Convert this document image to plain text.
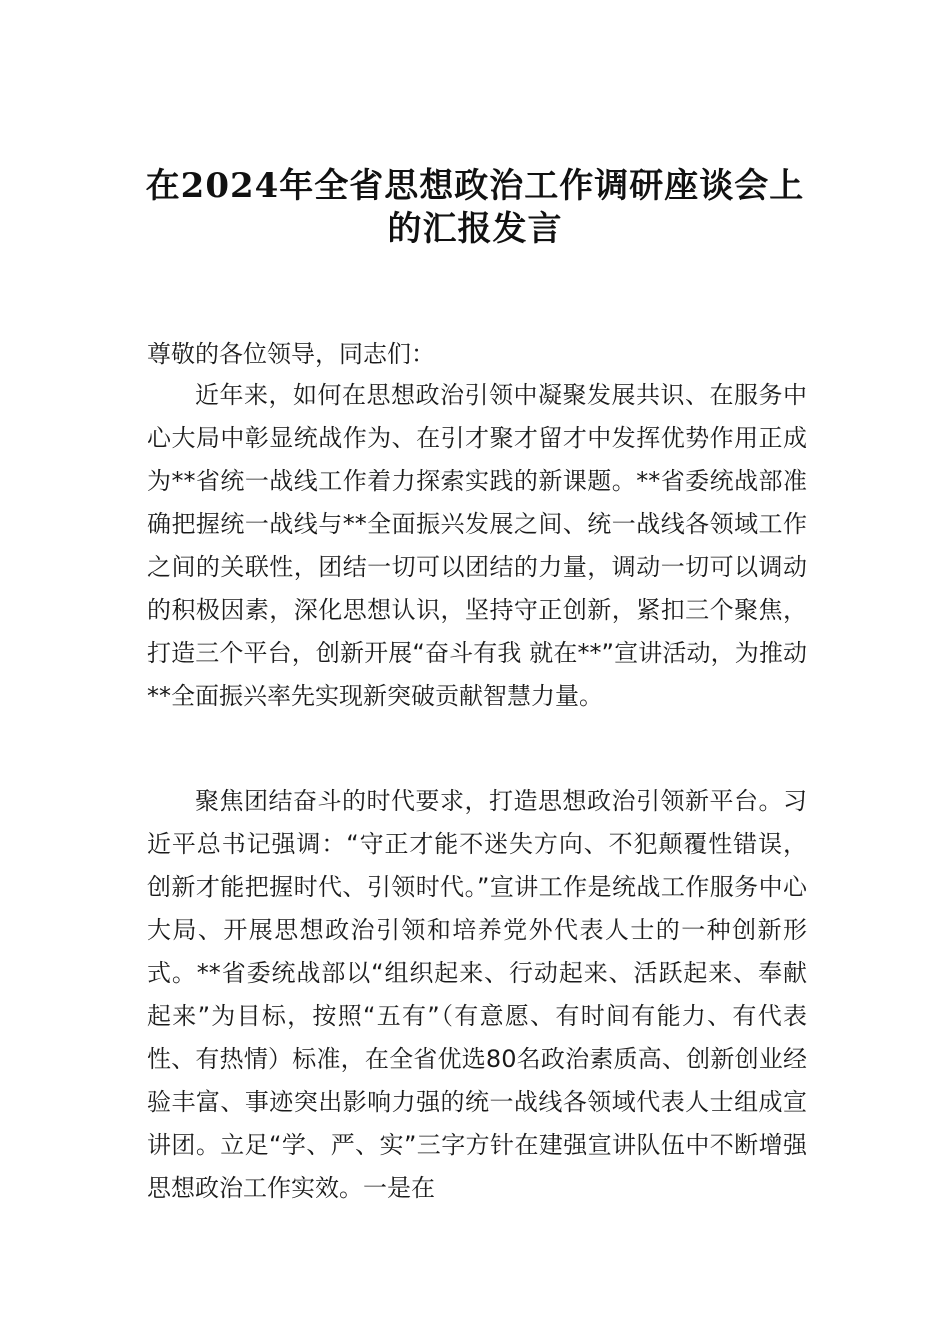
在2024年全省思想政治工作调研座谈会上
的汇报发言
尊敬的各位领导，同志们：
近年来，如何在思想政治引领中凝聚发展共识、在服务中心大局中彰显统战作为、在引才聚才留才中发挥优势作用正成为**省统一战线工作着力探索实践的新课题。**省委统战部准确把握统一战线与**全面振兴发展之间、统一战线各领域工作之间的关联性，团结一切可以团结的力量，调动一切可以调动的积极因素，深化思想认识，坚持守正创新，紧扣三个聚焦，打造三个平台，创新开展“奋斗有我 就在**”宣讲活动，为推动**全面振兴率先实现新突破贡献智慧力量。
聚焦团结奋斗的时代要求，打造思想政治引领新平台。习近平总书记强调：“守正才能不迷失方向、不犯颠覆性错误，创新才能把握时代、引领时代。”宣讲工作是统战工作服务中心大局、开展思想政治引领和培养党外代表人士的一种创新形式。**省委统战部以“组织起来、行动起来、活跃起来、奉献起来”为目标，按照“五有”（有意愿、有时间有能力、有代表性、有热情）标准，在全省优选80名政治素质高、创新创业经验丰富、事迹突出影响力强的统一战线各领域代表人士组成宣讲团。立足“学、严、实”三字方针在建强宣讲队伍中不断增强思想政治工作实效。一是在
